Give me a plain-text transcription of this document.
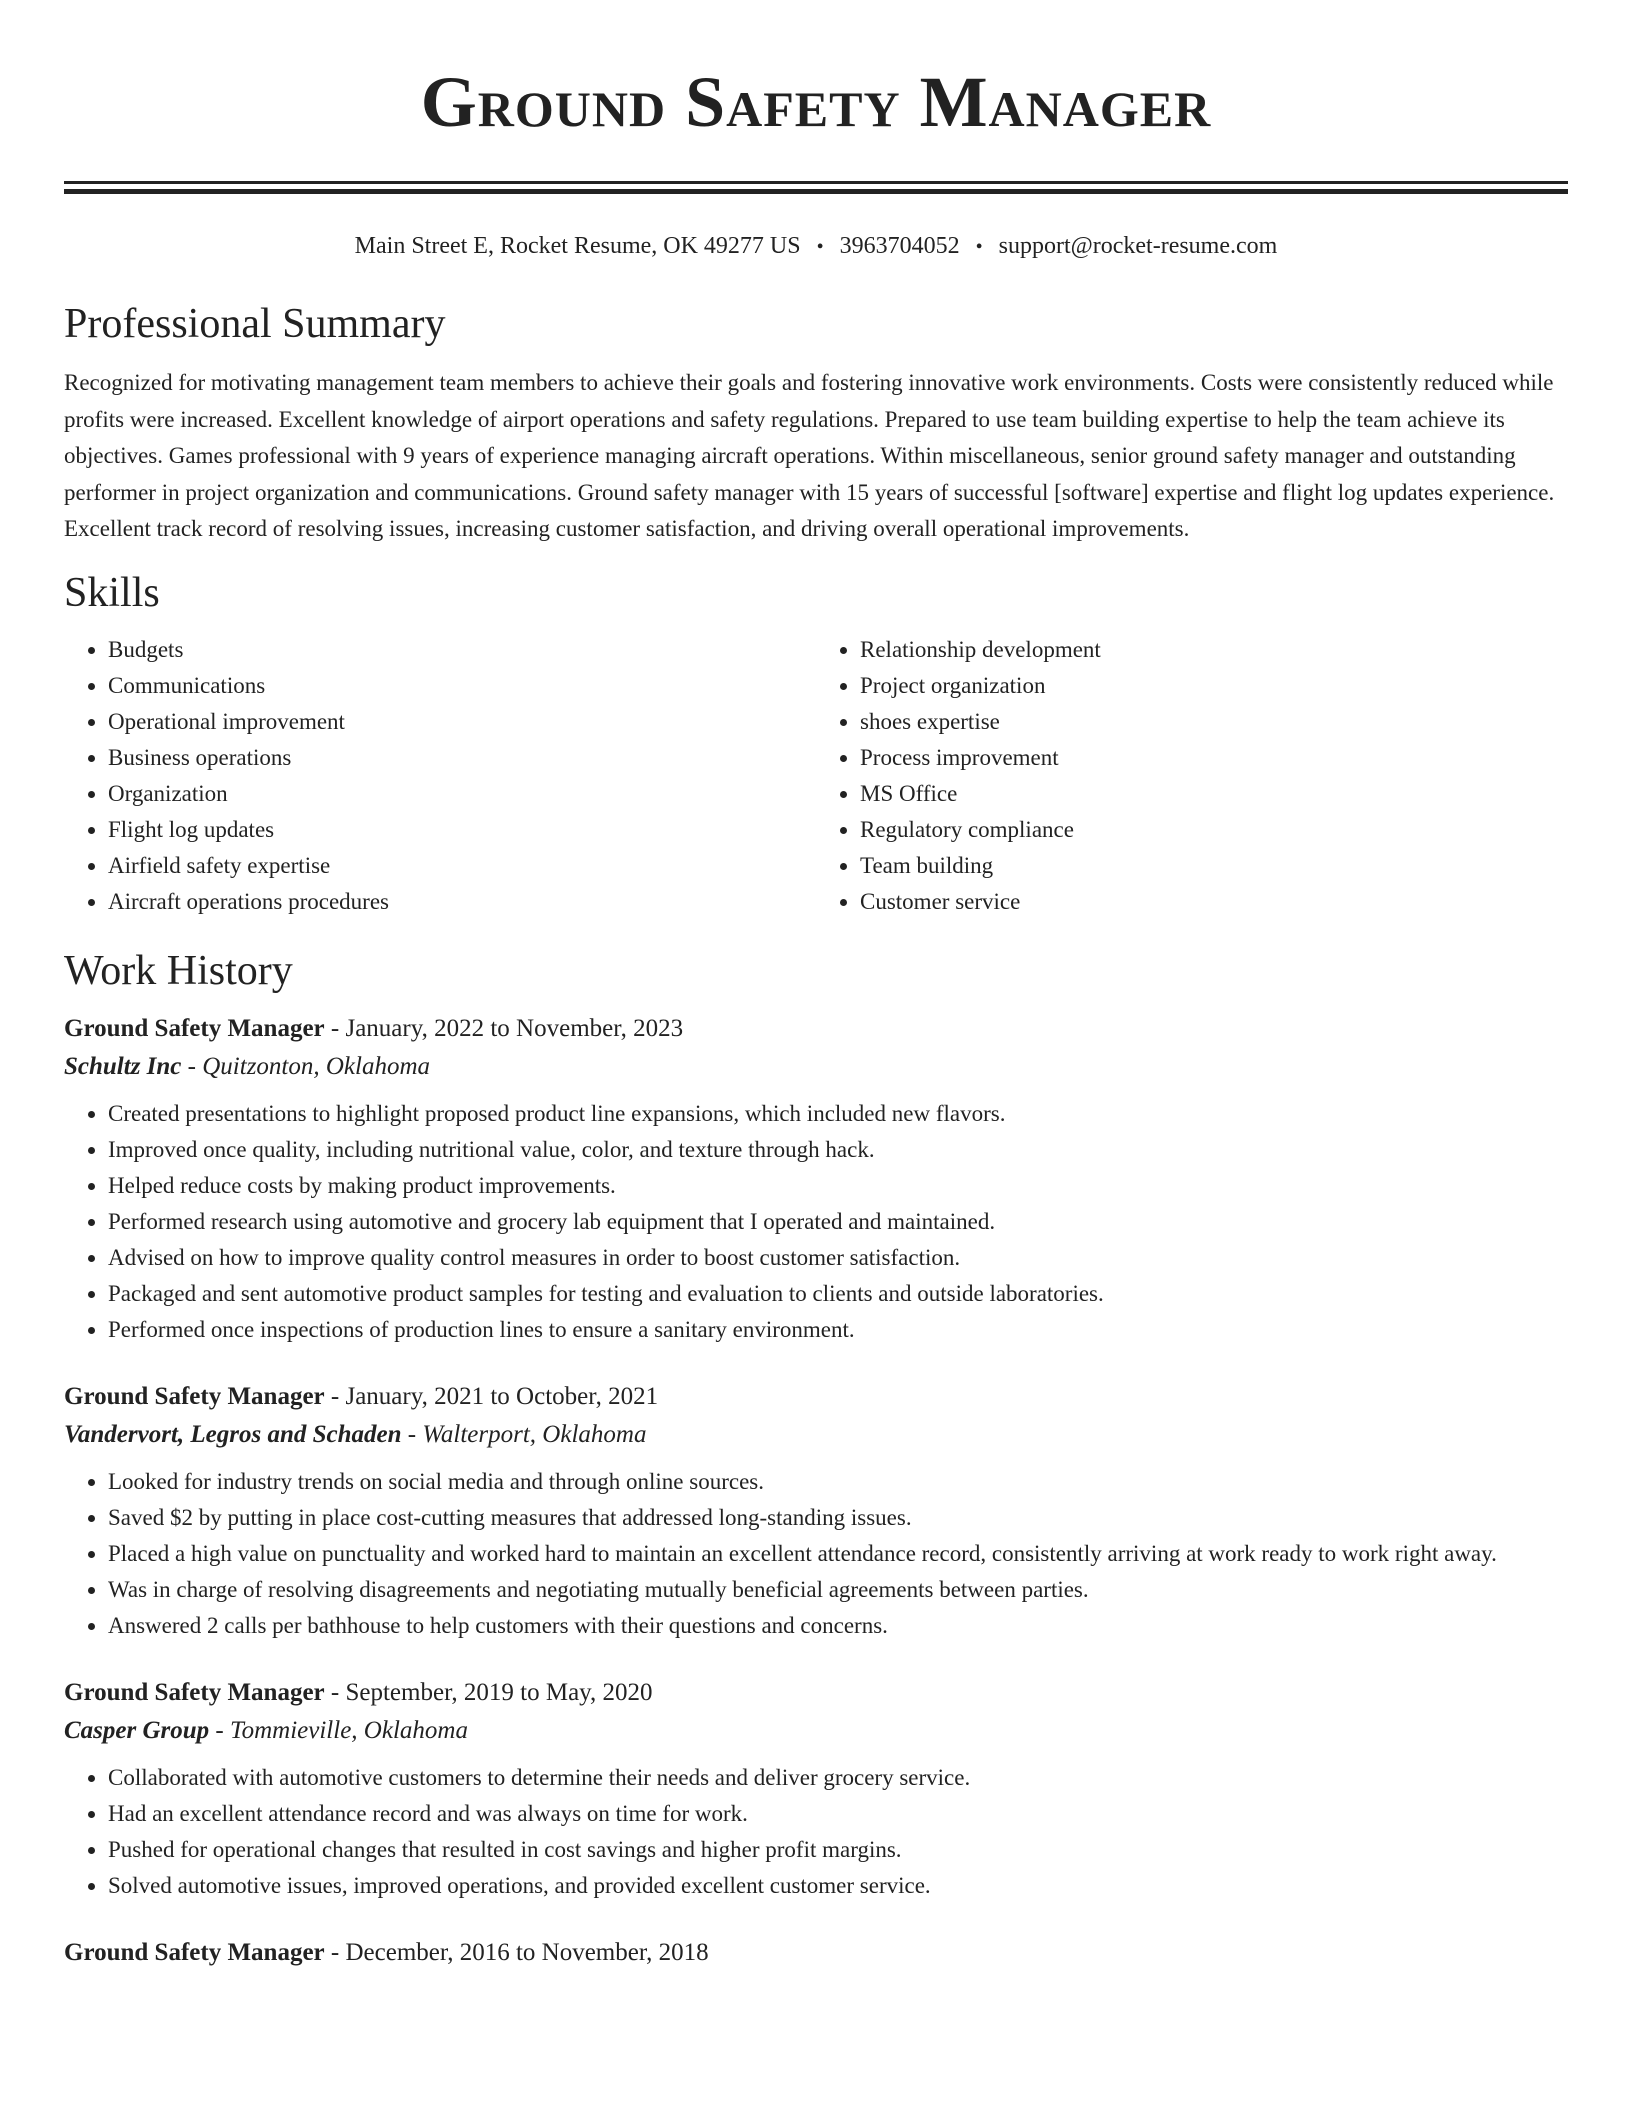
Ground Safety Manager
Main Street E, Rocket Resume, OK 49277 US • 3963704052 • support@rocket-resume.com
Professional Summary

Recognized for motivating management team members to achieve their goals and fostering innovative work environments. Costs were consistently reduced while profits were increased. Excellent knowledge of airport operations and safety regulations. Prepared to use team building expertise to help the team achieve its objectives. Games professional with 9 years of experience managing aircraft operations. Within miscellaneous, senior ground safety manager and outstanding performer in project organization and communications. Ground safety manager with 15 years of successful [software] expertise and flight log updates experience. Excellent track record of resolving issues, increasing customer satisfaction, and driving overall operational improvements.

Skills
• Budgets
• Communications
• Operational improvement
• Business operations
• Organization
• Flight log updates
• Airfield safety expertise
• Aircraft operations procedures
• Relationship development
• Project organization
• shoes expertise
• Process improvement
• MS Office
• Regulatory compliance
• Team building
• Customer service
Work History
Ground Safety Manager - January, 2022 to November, 2023
Schultz Inc - Quitzonton, Oklahoma
• Created presentations to highlight proposed product line expansions, which included new flavors.
• Improved once quality, including nutritional value, color, and texture through hack.
• Helped reduce costs by making product improvements.
• Performed research using automotive and grocery lab equipment that I operated and maintained.
• Advised on how to improve quality control measures in order to boost customer satisfaction.
• Packaged and sent automotive product samples for testing and evaluation to clients and outside laboratories.
• Performed once inspections of production lines to ensure a sanitary environment.
Ground Safety Manager - January, 2021 to October, 2021
Vandervort, Legros and Schaden - Walterport, Oklahoma
• Looked for industry trends on social media and through online sources.
• Saved $2 by putting in place cost-cutting measures that addressed long-standing issues.
• Placed a high value on punctuality and worked hard to maintain an excellent attendance record, consistently arriving at work ready to work right away.
• Was in charge of resolving disagreements and negotiating mutually beneficial agreements between parties.
• Answered 2 calls per bathhouse to help customers with their questions and concerns.
Ground Safety Manager - September, 2019 to May, 2020
Casper Group - Tommieville, Oklahoma
• Collaborated with automotive customers to determine their needs and deliver grocery service.
• Had an excellent attendance record and was always on time for work.
• Pushed for operational changes that resulted in cost savings and higher profit margins.
• Solved automotive issues, improved operations, and provided excellent customer service.
Ground Safety Manager - December, 2016 to November, 2018
